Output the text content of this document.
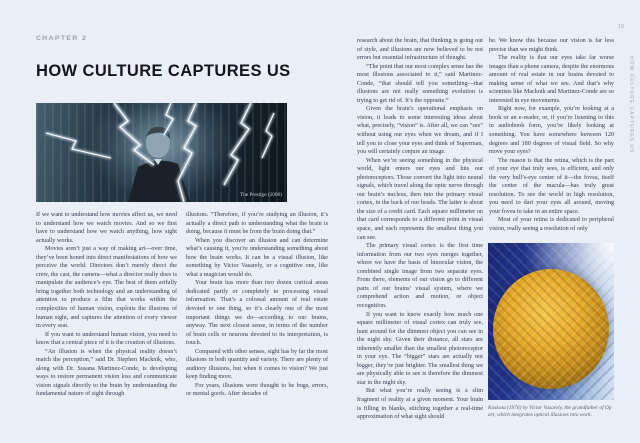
CHAPTER 2
HOW CULTURE CAPTURES US
The Prestige (2006)

If we want to understand how movies affect us, we need to understand how we watch movies. And so we first have to understand how we watch anything, how sight actually works.

Movies aren’t just a way of making art—over time, they’ve been honed into direct manifestations of how we perceive the world. Directors don’t merely direct the crew, the cast, the camera—what a director really does is manipulate the audience’s eye. The best of them artfully bring together both technology and an understanding of attention to produce a film that works within the complexities of human vision, exploits the illusions of human sight, and captures the attention of every viewer in every seat.

If you want to understand human vision, you need to know that a central piece of it is the creation of illusions.

“An illusion is when the physical reality doesn’t match the perception,” said Dr. Stephen Macknik, who, along with Dr. Susana Martinez-Conde, is developing ways to restore permanent vision loss and communicate vision signals directly to the brain by understanding the fundamental nature of sight through

illusions. “Therefore, if you’re studying an illusion, it’s actually a direct path to understanding what the brain is doing, because it must be from the brain doing that.”

When you discover an illusion and can determine what’s causing it, you’re understanding something about how the brain works. It can be a visual illusion, like something by Victor Vasarely, or a cognitive one, like what a magician would do.

Your brain has more than two dozen cortical areas dedicated partly or completely to processing visual information. That’s a colossal amount of real estate devoted to one thing, so it’s clearly one of the most important things we do—according to our brains, anyway. The next closest sense, in terms of the number of brain cells or neurons devoted to its interpretation, is touch.

Compared with other senses, sight has by far the most illusions in both quantity and variety. There are plenty of auditory illusions, but when it comes to vision? We just keep finding more.

For years, illusions were thought to be bugs, errors, or mental goofs. After decades of

research about the brain, that thinking is going out of style, and illusions are now believed to be not errors but essential infrastructure of thought.

“The point that our most complex sense has the most illusions associated to it,” said Martinez-Conde, “that should tell you something—that illusions are not really something evolution is trying to get rid of. It’s the opposite.”

Given the brain’s operational emphasis on vision, it leads to some interesting ideas about what, precisely, “vision” is. After all, we can “see” without using our eyes when we dream, and if I tell you to close your eyes and think of Superman, you will certainly conjure an image.

When we’re seeing something in the physical world, light enters our eyes and hits our photoreceptors. Those convert the light into neural signals, which travel along the optic nerve through our brain’s nucleus, then into the primary visual cortex, in the back of our heads. The latter is about the size of a credit card. Each square millimeter on that card corresponds to a different point in visual space, and each represents the smallest thing you can see.

The primary visual cortex is the first time information from our two eyes merges together, where we have the basis of binocular vision, the combined single image from two separate eyes. From there, elements of our vision go to different parts of our brains’ visual system, where we comprehend action and motion, or object recognition.

If you want to know exactly how much one square millimeter of visual cortex can truly see, hunt around for the dimmest object you can see in the night sky. Given their distance, all stars are inherently smaller than the smallest photoreceptor in your eye. The “bigger” stars are actually not bigger, they’re just brighter. The smallest thing we are physically able to see is therefore the dimmest star in the night sky.

But what you’re really seeing is a slim fragment of reality at a given moment. Your brain is filling in blanks, stitching together a real-time approximation of what sight should

be. We know this because our vision is far less precise than we might think.

The reality is that our eyes take far worse images than a phone camera, despite the enormous amount of real estate in our brains devoted to making sense of what we see. And that’s why scientists like Macknik and Martinez-Conde are so interested in eye movements.

Right now, for example, you’re looking at a book or an e-reader, or, if you’re listening to this in audiobook form, you’re likely looking at something. You have somewhere between 120 degrees and 180 degrees of visual field. So why move your eyes?

The reason is that the retina, which is the part of your eye that truly sees, is efficient, and only the very bull’s-eye center of it—the fovea, itself the center of the macula—has truly great resolution. To see the world in high resolution, you need to dart your eyes all around, moving your fovea to take in an entire space.

Most of your retina is dedicated to peripheral vision, really seeing a resolution of only

Koskota (1976) by Victor Vasarely, the grandfather of Op art, which integrates optical illusions into work.
19
HOW CULTURE CAPTURES US
